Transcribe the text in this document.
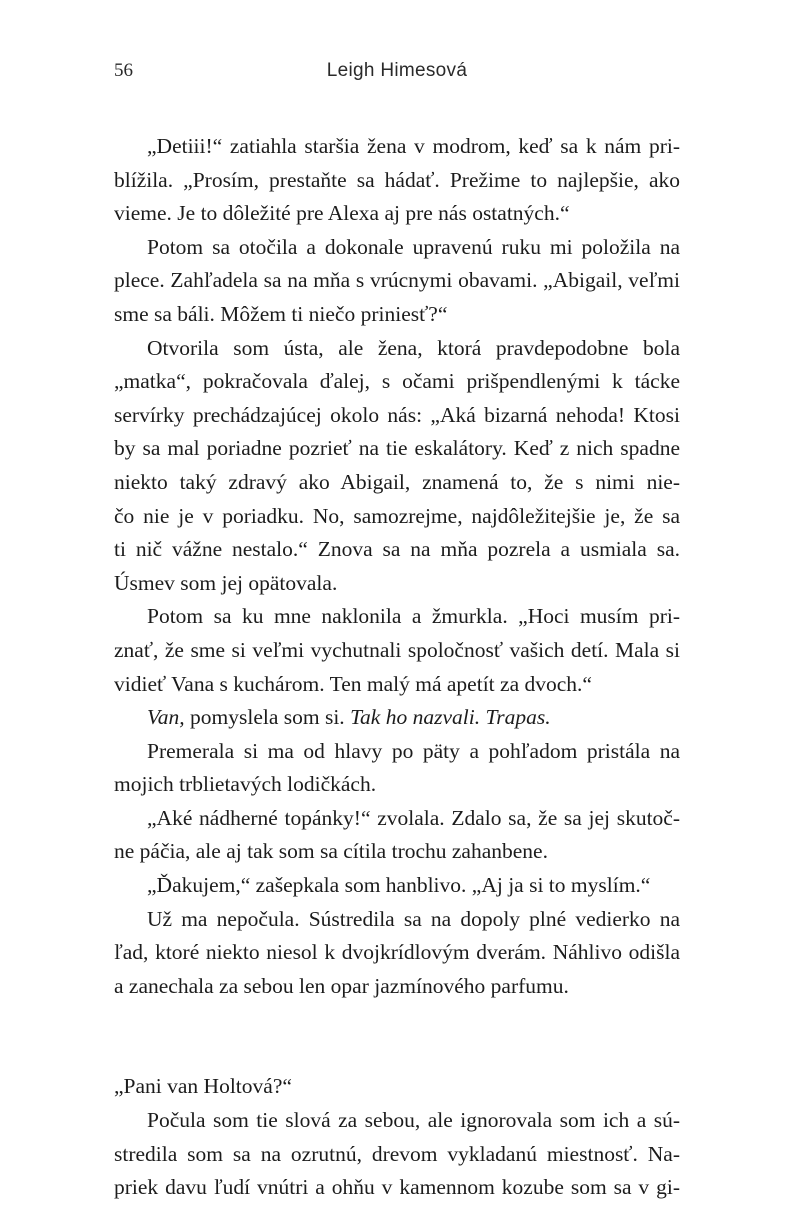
56	Leigh Himesová

„Detiii!“ zatiahla staršia žena v modrom, keď sa k nám pri-

blížila. „Prosím, prestaňte sa hádať. Prežime to najlepšie, ako

vieme. Je to dôležité pre Alexa aj pre nás ostatných.“

Potom sa otočila a dokonale upravenú ruku mi položila na

plece. Zahľadela sa na mňa s vrúcnymi obavami. „Abigail, veľmi

sme sa báli. Môžem ti niečo priniesť?“

Otvorila som ústa, ale žena, ktorá pravdepodobne bola

„matka“, pokračovala ďalej, s očami prišpendlenými k tácke

servírky prechádzajúcej okolo nás: „Aká bizarná nehoda! Ktosi

by sa mal poriadne pozrieť na tie eskalátory. Keď z nich spadne

niekto taký zdravý ako Abigail, znamená to, že s nimi nie-

čo nie je v poriadku. No, samozrejme, najdôležitejšie je, že sa

ti nič vážne nestalo.“ Znova sa na mňa pozrela a usmiala sa.

Úsmev som jej opätovala.

Potom sa ku mne naklonila a žmurkla. „Hoci musím pri-

znať, že sme si veľmi vychutnali spoločnosť vašich detí. Mala si

vidieť Vana s kuchárom. Ten malý má apetít za dvoch.“

Van, pomyslela som si. Tak ho nazvali. Trapas.

Premerala si ma od hlavy po päty a pohľadom pristála na

mojich trblietavých lodičkách.

„Aké nádherné topánky!“ zvolala. Zdalo sa, že sa jej skutoč-

ne páčia, ale aj tak som sa cítila trochu zahanbene.

„Ďakujem,“ zašepkala som hanblivo. „Aj ja si to myslím.“

Už ma nepočula. Sústredila sa na dopoly plné vedierko na

ľad, ktoré niekto niesol k dvojkrídlovým dverám. Náhlivo odišla

a zanechala za sebou len opar jazmínového parfumu.

„Pani van Holtová?“

Počula som tie slová za sebou, ale ignorovala som ich a sú-

stredila som sa na ozrutnú, drevom vykladanú miestnosť. Na-

priek davu ľudí vnútri a ohňu v kamennom kozube som sa v gi-
